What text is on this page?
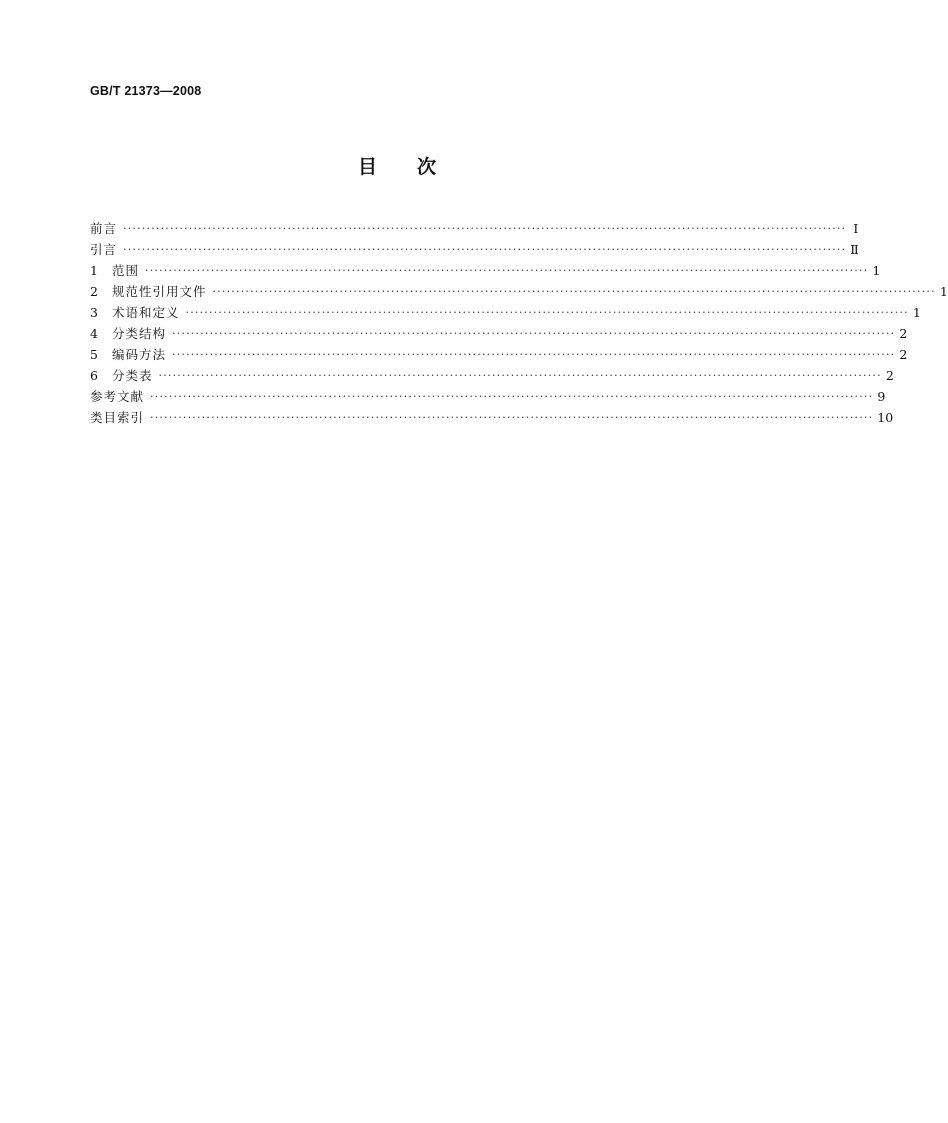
GB/T 21373—2008
目次
前言 ·························································································································································· Ⅰ
引言 ·························································································································································· Ⅱ
1	范围 ·························································································································································· 1
2	规范性引用文件 ·························································································································································· 1
3	术语和定义 ·························································································································································· 1
4	分类结构 ·························································································································································· 2
5	编码方法 ·························································································································································· 2
6	分类表 ·························································································································································· 2
参考文献 ·························································································································································· 9
类目索引 ·························································································································································· 10
